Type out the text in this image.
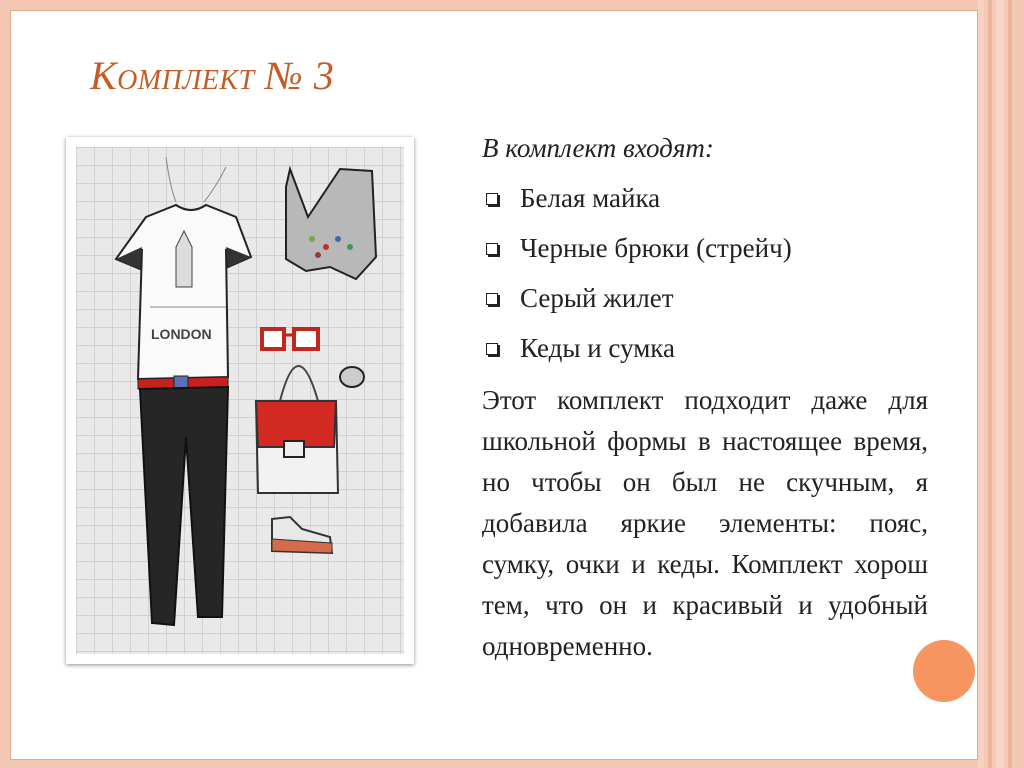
Комплект № 3
LONDON

В комплект входят:

Белая майка
Черные брюки (стрейч)
Серый жилет
Кеды и сумка

Этот комплект подходит даже для школьной формы в настоящее время, но чтобы он был не скучным, я добавила яркие элементы: пояс, сумку, очки и кеды. Комплект хорош тем, что он и красивый и удобный одновременно.
